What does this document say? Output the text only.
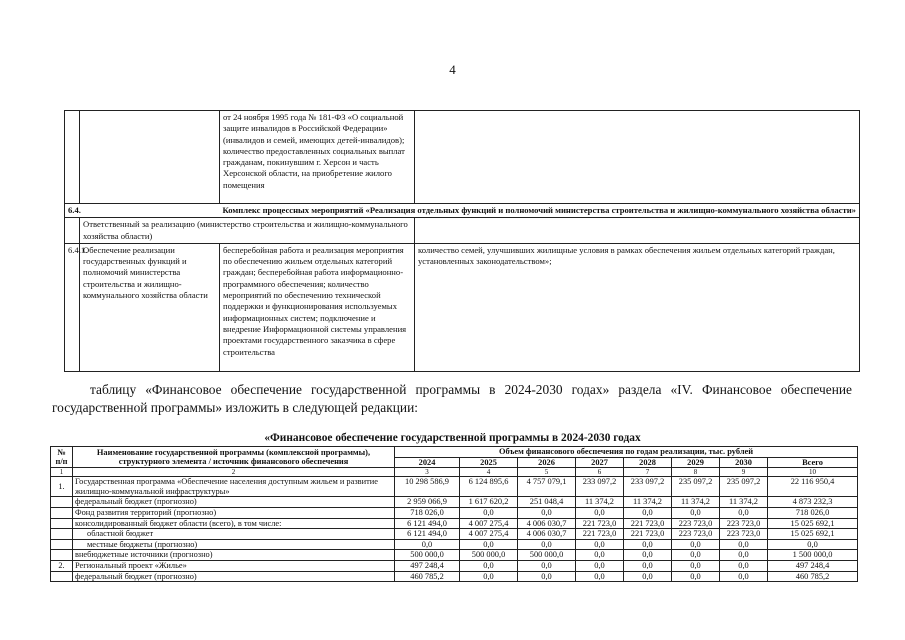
4
		от 24 ноября 1995 года № 181-ФЗ «О социальной защите инвалидов в Российской Федерации» (инвалидов и семей, имеющих детей-инвалидов); количество предоставленных социальных выплат гражданам, покинувшим г. Херсон и часть Херсонской области, на приобретение жилого помещения	
6.4.		Комплекс процессных мероприятий «Реализация отдельных функций и полномочий министерства строительства и жилищно-коммунального хозяйства области»	
	Ответственный за реализацию (министерство строительства и жилищно-коммунального хозяйства области)		
6.4.1.	Обеспечение реализации государственных функций и полномочий министерства строительства и жилищно-коммунального хозяйства области	бесперебойная работа и реализация мероприятия по обеспечению жильем отдельных категорий граждан; бесперебойная работа информационно-программного обеспечения; количество мероприятий по обеспечению технической поддержки и функционирования используемых информационных систем; подключение и внедрение Информационной системы управления проектами государственного заказчика в сфере строительства	количество семей, улучшивших жилищные условия в рамках обеспечения жильем отдельных категорий граждан, установленных законодательством»;
таблицу «Финансовое обеспечение государственной программы в 2024-2030 годах» раздела «IV. Финансовое обеспечение государственной программы» изложить в следующей редакции:
«Финансовое обеспечение государственной программы в 2024-2030 годах
№ п/п	Наименование государственной программы (комплексной программы), структурного элемента / источник финансового обеспечения	Объем финансового обеспечения по годам реализации, тыс. рублей							
		2024	2025	2026	2027	2028	2029	2030	Всего
1	2	3	4	5	6	7	8	9	10
1.	Государственная программа «Обеспечение населения доступным жильем и развитие жилищно-коммунальной инфраструктуры»	10 298 586,9	6 124 895,6	4 757 079,1	233 097,2	233 097,2	235 097,2	235 097,2	22 116 950,4
	федеральный бюджет (прогнозно)	2 959 066,9	1 617 620,2	251 048,4	11 374,2	11 374,2	11 374,2	11 374,2	4 873 232,3
	Фонд развития территорий (прогнозно)	718 026,0	0,0	0,0	0,0	0,0	0,0	0,0	718 026,0
	консолидированный бюджет области (всего), в том числе:	6 121 494,0	4 007 275,4	4 006 030,7	221 723,0	221 723,0	223 723,0	223 723,0	15 025 692,1
	областной бюджет	6 121 494,0	4 007 275,4	4 006 030,7	221 723,0	221 723,0	223 723,0	223 723,0	15 025 692,1
	местные бюджеты (прогнозно)	0,0	0,0	0,0	0,0	0,0	0,0	0,0	0,0
	внебюджетные источники (прогнозно)	500 000,0	500 000,0	500 000,0	0,0	0,0	0,0	0,0	1 500 000,0
2.	Региональный проект «Жилье»	497 248,4	0,0	0,0	0,0	0,0	0,0	0,0	497 248,4
	федеральный бюджет (прогнозно)	460 785,2	0,0	0,0	0,0	0,0	0,0	0,0	460 785,2
